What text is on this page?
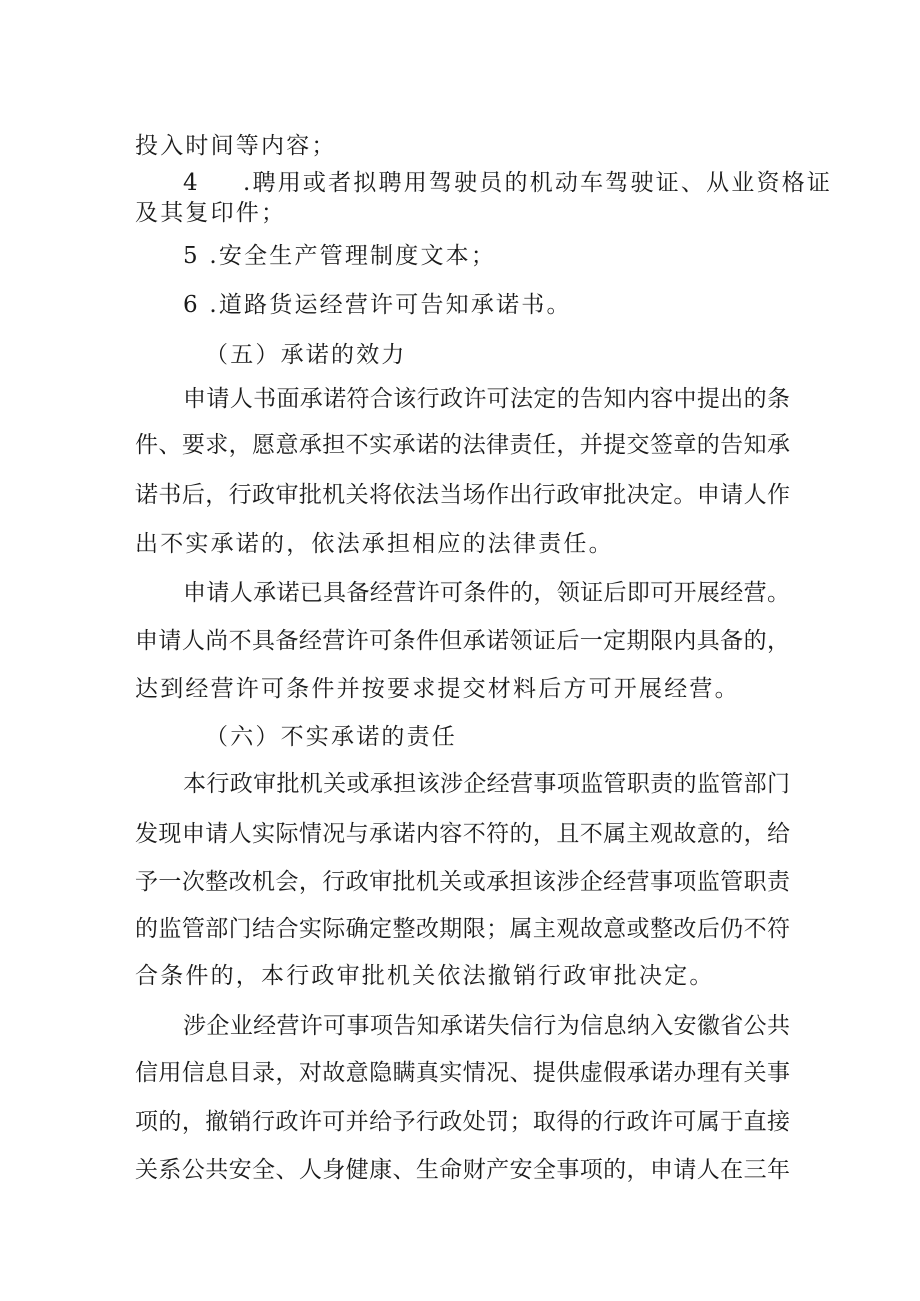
投入时间等内容；
4 .聘用或者拟聘用驾驶员的机动车驾驶证、从业资格证
及其复印件；
5 .安全生产管理制度文本；
6 .道路货运经营许可告知承诺书。
（五）承诺的效力
申请人书面承诺符合该行政许可法定的告知内容中提出的条
件、要求，愿意承担不实承诺的法律责任，并提交签章的告知承
诺书后，行政审批机关将依法当场作出行政审批决定。申请人作
出不实承诺的，依法承担相应的法律责任。
申请人承诺已具备经营许可条件的，领证后即可开展经营。
申请人尚不具备经营许可条件但承诺领证后一定期限内具备的，
达到经营许可条件并按要求提交材料后方可开展经营。
（六）不实承诺的责任
本行政审批机关或承担该涉企经营事项监管职责的监管部门
发现申请人实际情况与承诺内容不符的，且不属主观故意的，给
予一次整改机会，行政审批机关或承担该涉企经营事项监管职责
的监管部门结合实际确定整改期限；属主观故意或整改后仍不符
合条件的，本行政审批机关依法撤销行政审批决定。
涉企业经营许可事项告知承诺失信行为信息纳入安徽省公共
信用信息目录，对故意隐瞒真实情况、提供虚假承诺办理有关事
项的，撤销行政许可并给予行政处罚；取得的行政许可属于直接
关系公共安全、人身健康、生命财产安全事项的，申请人在三年
